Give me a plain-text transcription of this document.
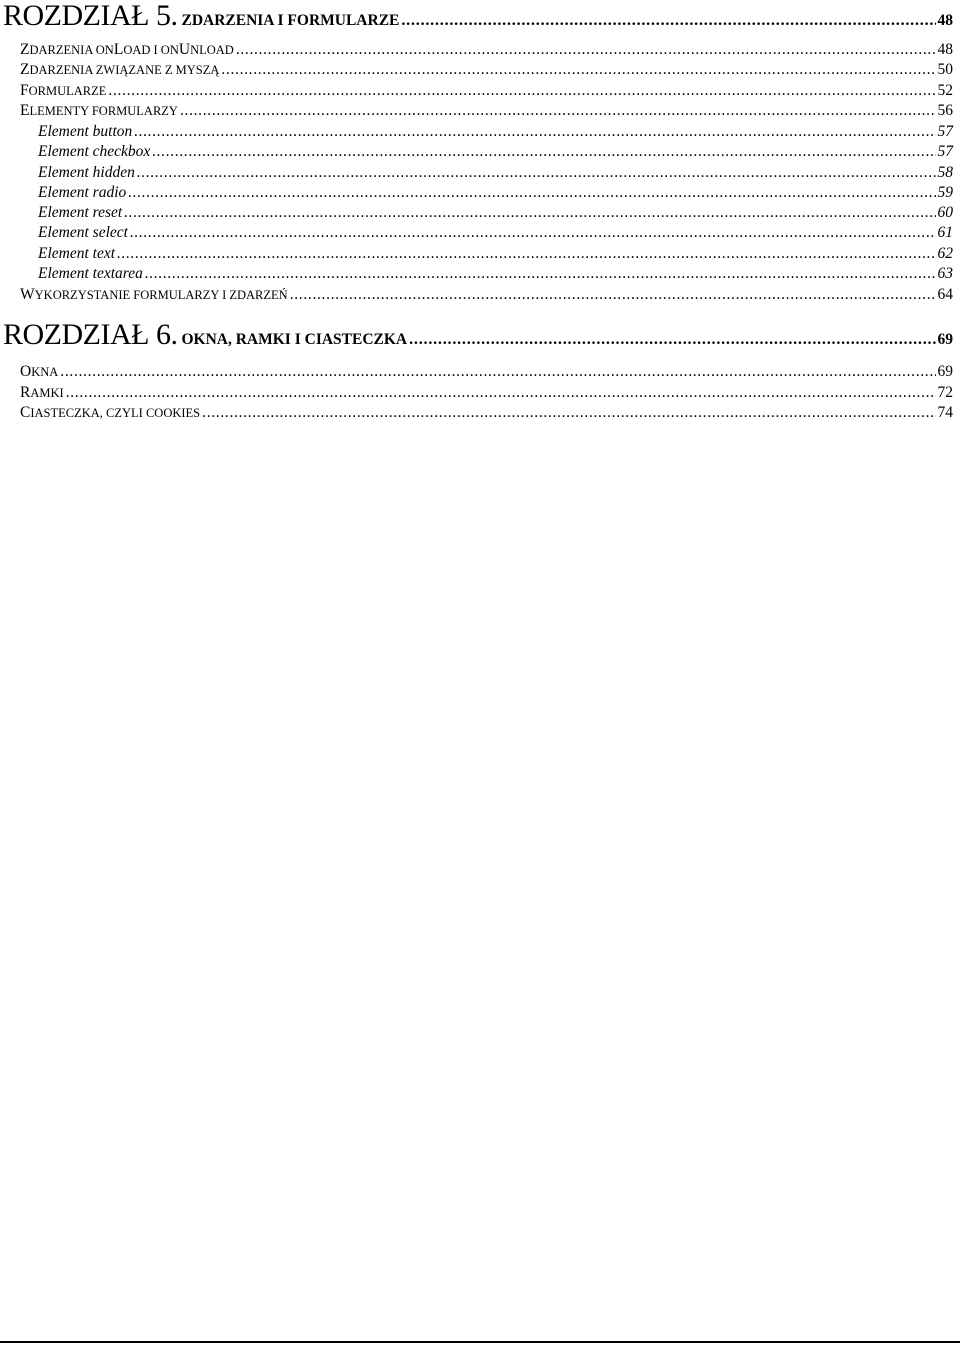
ROZDZIAŁ 5. ZDARZENIA I FORMULARZE . . .	48
ZDARZENIA ONLOAD I ONUNLOAD . . .	48
ZDARZENIA ZWIĄZANE Z MYSZĄ . . .	50
FORMULARZE . . .	52
ELEMENTY FORMULARZY . . .	56
Element button . . .	57
Element checkbox . . .	57
Element hidden . . .	58
Element radio . . .	59
Element reset . . .	60
Element select . . .	61
Element text . . .	62
Element textarea . . .	63
WYKORZYSTANIE FORMULARZY I ZDARZEŃ . . .	64
ROZDZIAŁ 6. OKNA, RAMKI I CIASTECZKA . . .	69
OKNA . . .	69
RAMKI . . .	72
CIASTECZKA, CZYLI COOKIES . . .	74
